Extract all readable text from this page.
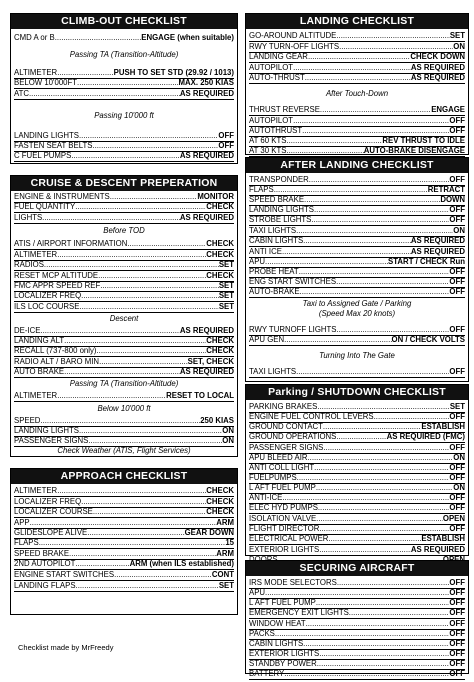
CLIMB-OUT CHECKLIST
CMD A or B .....	ENGAGE (when suitable)
Passing TA (Transition-Altitude)
ALTIMETER .....	PUSH TO SET STD (29.92 / 1013)
BELOW 10'000FT .....	MAX. 250 KIAS
ATC .....	AS REQUIRED
Passing 10'000 ft
LANDING LIGHTS .....	OFF
FASTEN SEAT BELTS .....	OFF
C FUEL PUMPS .....	AS REQUIRED
CRUISE & DESCENT PREPERATION
ENGINE & INSTRUMENTS .....	MONITOR
FUEL QUANTITY .....	CHECK
LIGHTS .....	AS REQUIRED
Before TOD
ATIS / AIRPORT INFORMATION .....	CHECK
ALTIMETER .....	CHECK
RADIOS .....	SET
RESET MCP ALTITUDE .....	CHECK
FMC APPR SPEED REF .....	SET
LOCALIZER FREQ .....	SET
ILS LOC COURSE .....	SET
Descent
DE-ICE .....	AS REQUIRED
LANDING ALT .....	CHECK
RECALL (737-800 only) .....	CHECK
RADIO ALT / BARO MIN .....	SET, CHECK
AUTO BRAKE .....	AS REQUIRED
Passing TA (Transition-Altitude)
ALTIMETER .....	RESET TO LOCAL
Below 10'000 ft
SPEED .....	250 KIAS
LANDING LIGHTS .....	ON
PASSENGER SIGNS .....	ON
Check Weather (ATIS, Flight Services)
APPROACH CHECKLIST
ALTIMETER .....	CHECK
LOCALIZER FREQ .....	CHECK
LOCALIZER COURSE .....	CHECK
APP .....	ARM
GLIDESLOPE ALIVE .....	GEAR DOWN
FLAPS .....	15
SPEED BRAKE .....	ARM
2ND AUTOPILOT .....	ARM (when ILS established)
ENGINE START SWITCHES .....	CONT
LANDING FLAPS .....	SET
LANDING CHECKLIST
GO-AROUND ALTITUDE .....	SET
RWY TURN-OFF LIGHTS .....	ON
LANDING GEAR .....	CHECK DOWN
AUTOPILOT .....	AS REQUIRED
AUTO-THRUST .....	AS REQUIRED
After Touch-Down
THRUST REVERSE .....	ENGAGE
AUTOPILOT .....	OFF
AUTOTHRUST .....	OFF
AT 60 KTS .....	REV THRUST TO IDLE
AT 30 KTS .....	AUTO-BRAKE DISENGAGE
AFTER LANDING CHECKLIST
TRANSPONDER .....	OFF
FLAPS .....	RETRACT
SPEED BRAKE .....	DOWN
LANDING LIGHTS .....	OFF
STROBE LIGHTS .....	OFF
TAXI LIGHTS .....	ON
CABIN LIGHTS .....	AS REQUIRED
ANTI ICE .....	AS REQUIRED
APU .....	START / CHECK Run
PROBE HEAT .....	OFF
ENG START SWITCHES .....	OFF
AUTO-BRAKE .....	OFF
Taxi to Assigned Gate / Parking
(Speed Max 20 knots)
RWY TURNOFF LIGHTS .....	OFF
APU GEN .....	ON / CHECK VOLTS
Turning Into The Gate
TAXI LIGHTS .....	OFF
Parking / SHUTDOWN CHECKLIST
PARKING BRAKES .....	SET
ENGINE FUEL CONTROL LEVERS .....	OFF
GROUND CONTACT .....	ESTABLISH
GROUND OPERATIONS .....	AS REQUIRED (FMC)
PASSENGER SIGNS .....	OFF
APU BLEED AIR .....	ON
ANTI COLL LIGHT .....	OFF
FUELPUMPS .....	OFF
L AFT FUEL PUMP .....	ON
ANTI-ICE .....	OFF
ELEC HYD PUMPS .....	OFF
ISOLATION VALVE .....	OPEN
FLIGHT DIRECTOR .....	OFF
ELECTRICAL POWER .....	ESTABLISH
EXTERIOR LIGHTS .....	AS REQUIRED
.....
SECURING AIRCRAFT
IRS MODE SELECTORS .....	OFF
APU .....	OFF
L AFT FUEL PUMP .....	OFF
EMERGENCY EXIT LIGHTS .....	OFF
WINDOW HEAT .....	OFF
PACKS .....	OFF
CABIN LIGHTS .....	OFF
EXTERIOR LIGHTS .....	OFF
STANDBY POWER .....	OFF
BATTERY .....	OFF
Checklist made by MrFreedy
